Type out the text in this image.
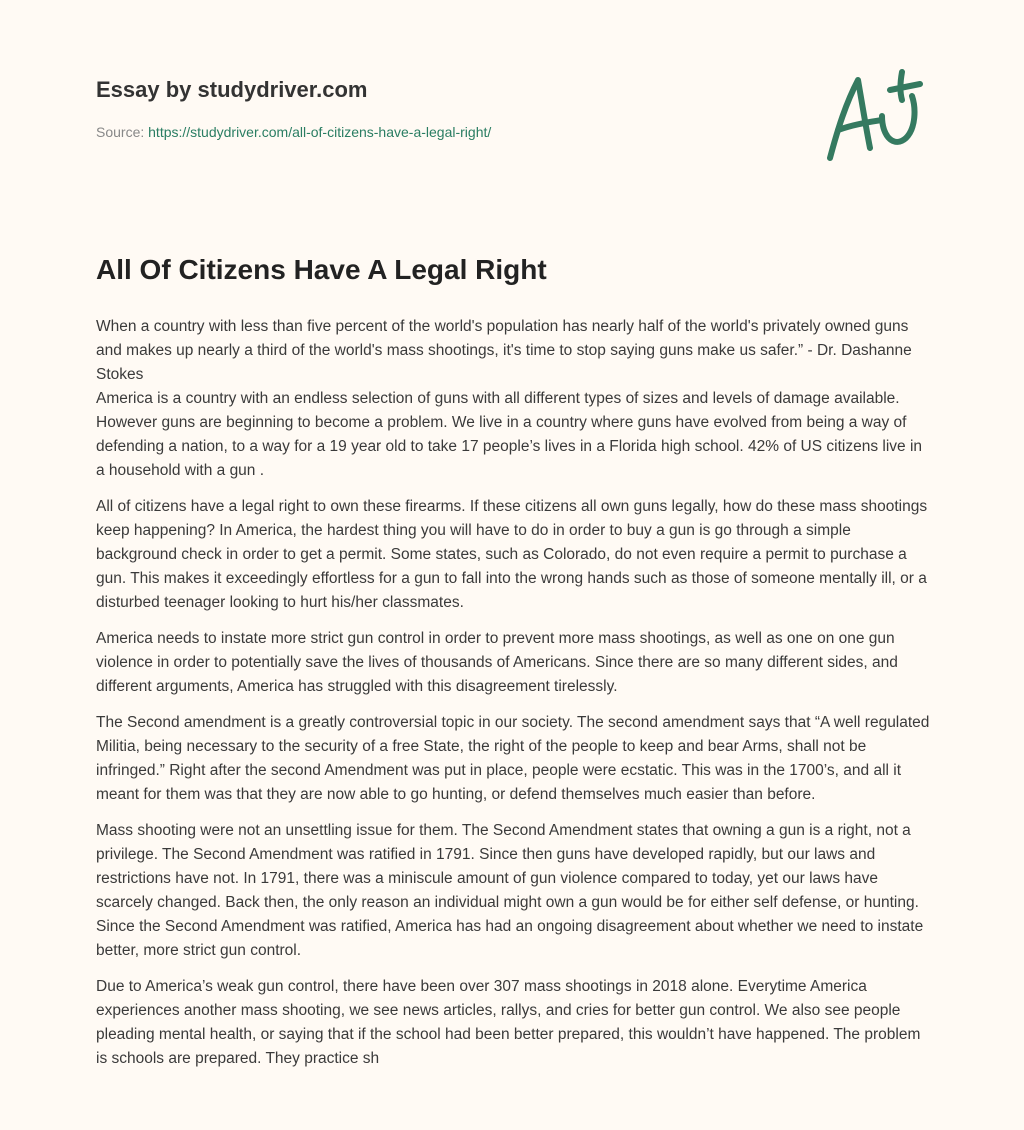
Essay by studydriver.com
Source: https://studydriver.com/all-of-citizens-have-a-legal-right/
All Of Citizens Have A Legal Right

When a country with less than five percent of the world's population has nearly half of the world's privately owned guns and makes up nearly a third of the world's mass shootings, it's time to stop saying guns make us safer.” - Dr. Dashanne Stokes

America is a country with an endless selection of guns with all different types of sizes and levels of damage available. However guns are beginning to become a problem. We live in a country where guns have evolved from being a way of defending a nation, to a way for a 19 year old to take 17 people’s lives in a Florida high school. 42% of US citizens live in a household with a gun .

All of citizens have a legal right to own these firearms. If these citizens all own guns legally, how do these mass shootings keep happening? In America, the hardest thing you will have to do in order to buy a gun is go through a simple background check in order to get a permit. Some states, such as Colorado, do not even require a permit to purchase a gun. This makes it exceedingly effortless for a gun to fall into the wrong hands such as those of someone mentally ill, or a disturbed teenager looking to hurt his/her classmates.

America needs to instate more strict gun control in order to prevent more mass shootings, as well as one on one gun violence in order to potentially save the lives of thousands of Americans. Since there are so many different sides, and different arguments, America has struggled with this disagreement tirelessly.

The Second amendment is a greatly controversial topic in our society. The second amendment says that “A well regulated Militia, being necessary to the security of a free State, the right of the people to keep and bear Arms, shall not be infringed.” Right after the second Amendment was put in place, people were ecstatic. This was in the 1700’s, and all it meant for them was that they are now able to go hunting, or defend themselves much easier than before.

Mass shooting were not an unsettling issue for them. The Second Amendment states that owning a gun is a right, not a privilege. The Second Amendment was ratified in 1791. Since then guns have developed rapidly, but our laws and restrictions have not. In 1791, there was a miniscule amount of gun violence compared to today, yet our laws have scarcely changed. Back then, the only reason an individual might own a gun would be for either self defense, or hunting. Since the Second Amendment was ratified, America has had an ongoing disagreement about whether we need to instate better, more strict gun control.

Due to America’s weak gun control, there have been over 307 mass shootings in 2018 alone. Everytime America experiences another mass shooting, we see news articles, rallys, and cries for better gun control. We also see people pleading mental health, or saying that if the school had been better prepared, this wouldn’t have happened. The problem is schools are prepared. They practice sh
